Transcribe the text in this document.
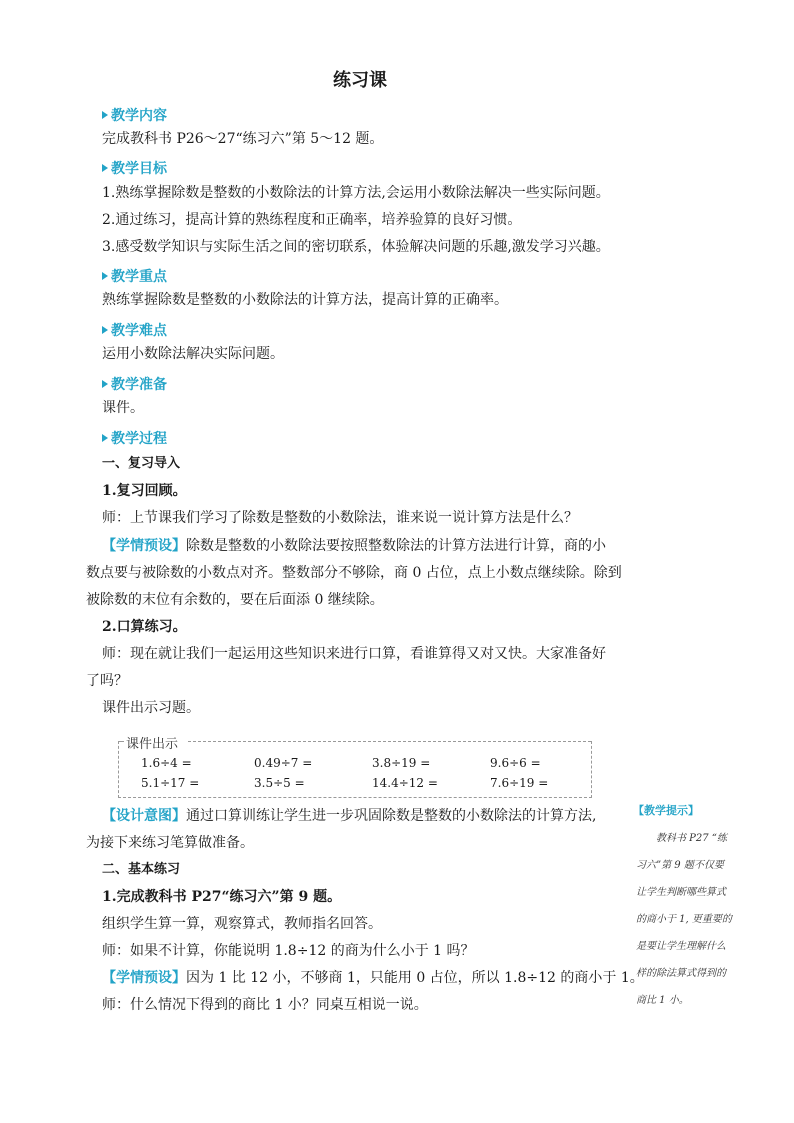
练习课
教学内容
完成教科书 P26～27“练习六”第 5～12 题。
教学目标
1.熟练掌握除数是整数的小数除法的计算方法,会运用小数除法解决一些实际问题。
2.通过练习，提高计算的熟练程度和正确率，培养验算的良好习惯。
3.感受数学知识与实际生活之间的密切联系，体验解决问题的乐趣,激发学习兴趣。
教学重点
熟练掌握除数是整数的小数除法的计算方法，提高计算的正确率。
教学难点
运用小数除法解决实际问题。
教学准备
课件。
教学过程
一、复习导入
1.复习回顾。
师：上节课我们学习了除数是整数的小数除法，谁来说一说计算方法是什么？
【学情预设】除数是整数的小数除法要按照整数除法的计算方法进行计算，商的小
数点要与被除数的小数点对齐。整数部分不够除，商 0 占位，点上小数点继续除。除到
被除数的末位有余数的，要在后面添 0 继续除。
2.口算练习。
师：现在就让我们一起运用这些知识来进行口算，看谁算得又对又快。大家准备好
了吗？
课件出示习题。
课件出示
1.6÷4 =	0.49÷7 =	3.8÷19 =	9.6÷6 =
5.1÷17 =	3.5÷5 =	14.4÷12 =	7.6÷19 =
【设计意图】通过口算训练让学生进一步巩固除数是整数的小数除法的计算方法,
为接下来练习笔算做准备。
二、基本练习
1.完成教科书 P27“练习六”第 9 题。
组织学生算一算，观察算式，教师指名回答。
师：如果不计算，你能说明 1.8÷12 的商为什么小于 1 吗？
【学情预设】因为 1 比 12 小，不够商 1，只能用 0 占位，所以 1.8÷12 的商小于 1。
师：什么情况下得到的商比 1 小？同桌互相说一说。
【教学提示】
教科书 P27 “练
习六”第 9 题不仅要
让学生判断哪些算式
的商小于 1, 更重要的
是要让学生理解什么
样的除法算式得到的
商比 1 小。
